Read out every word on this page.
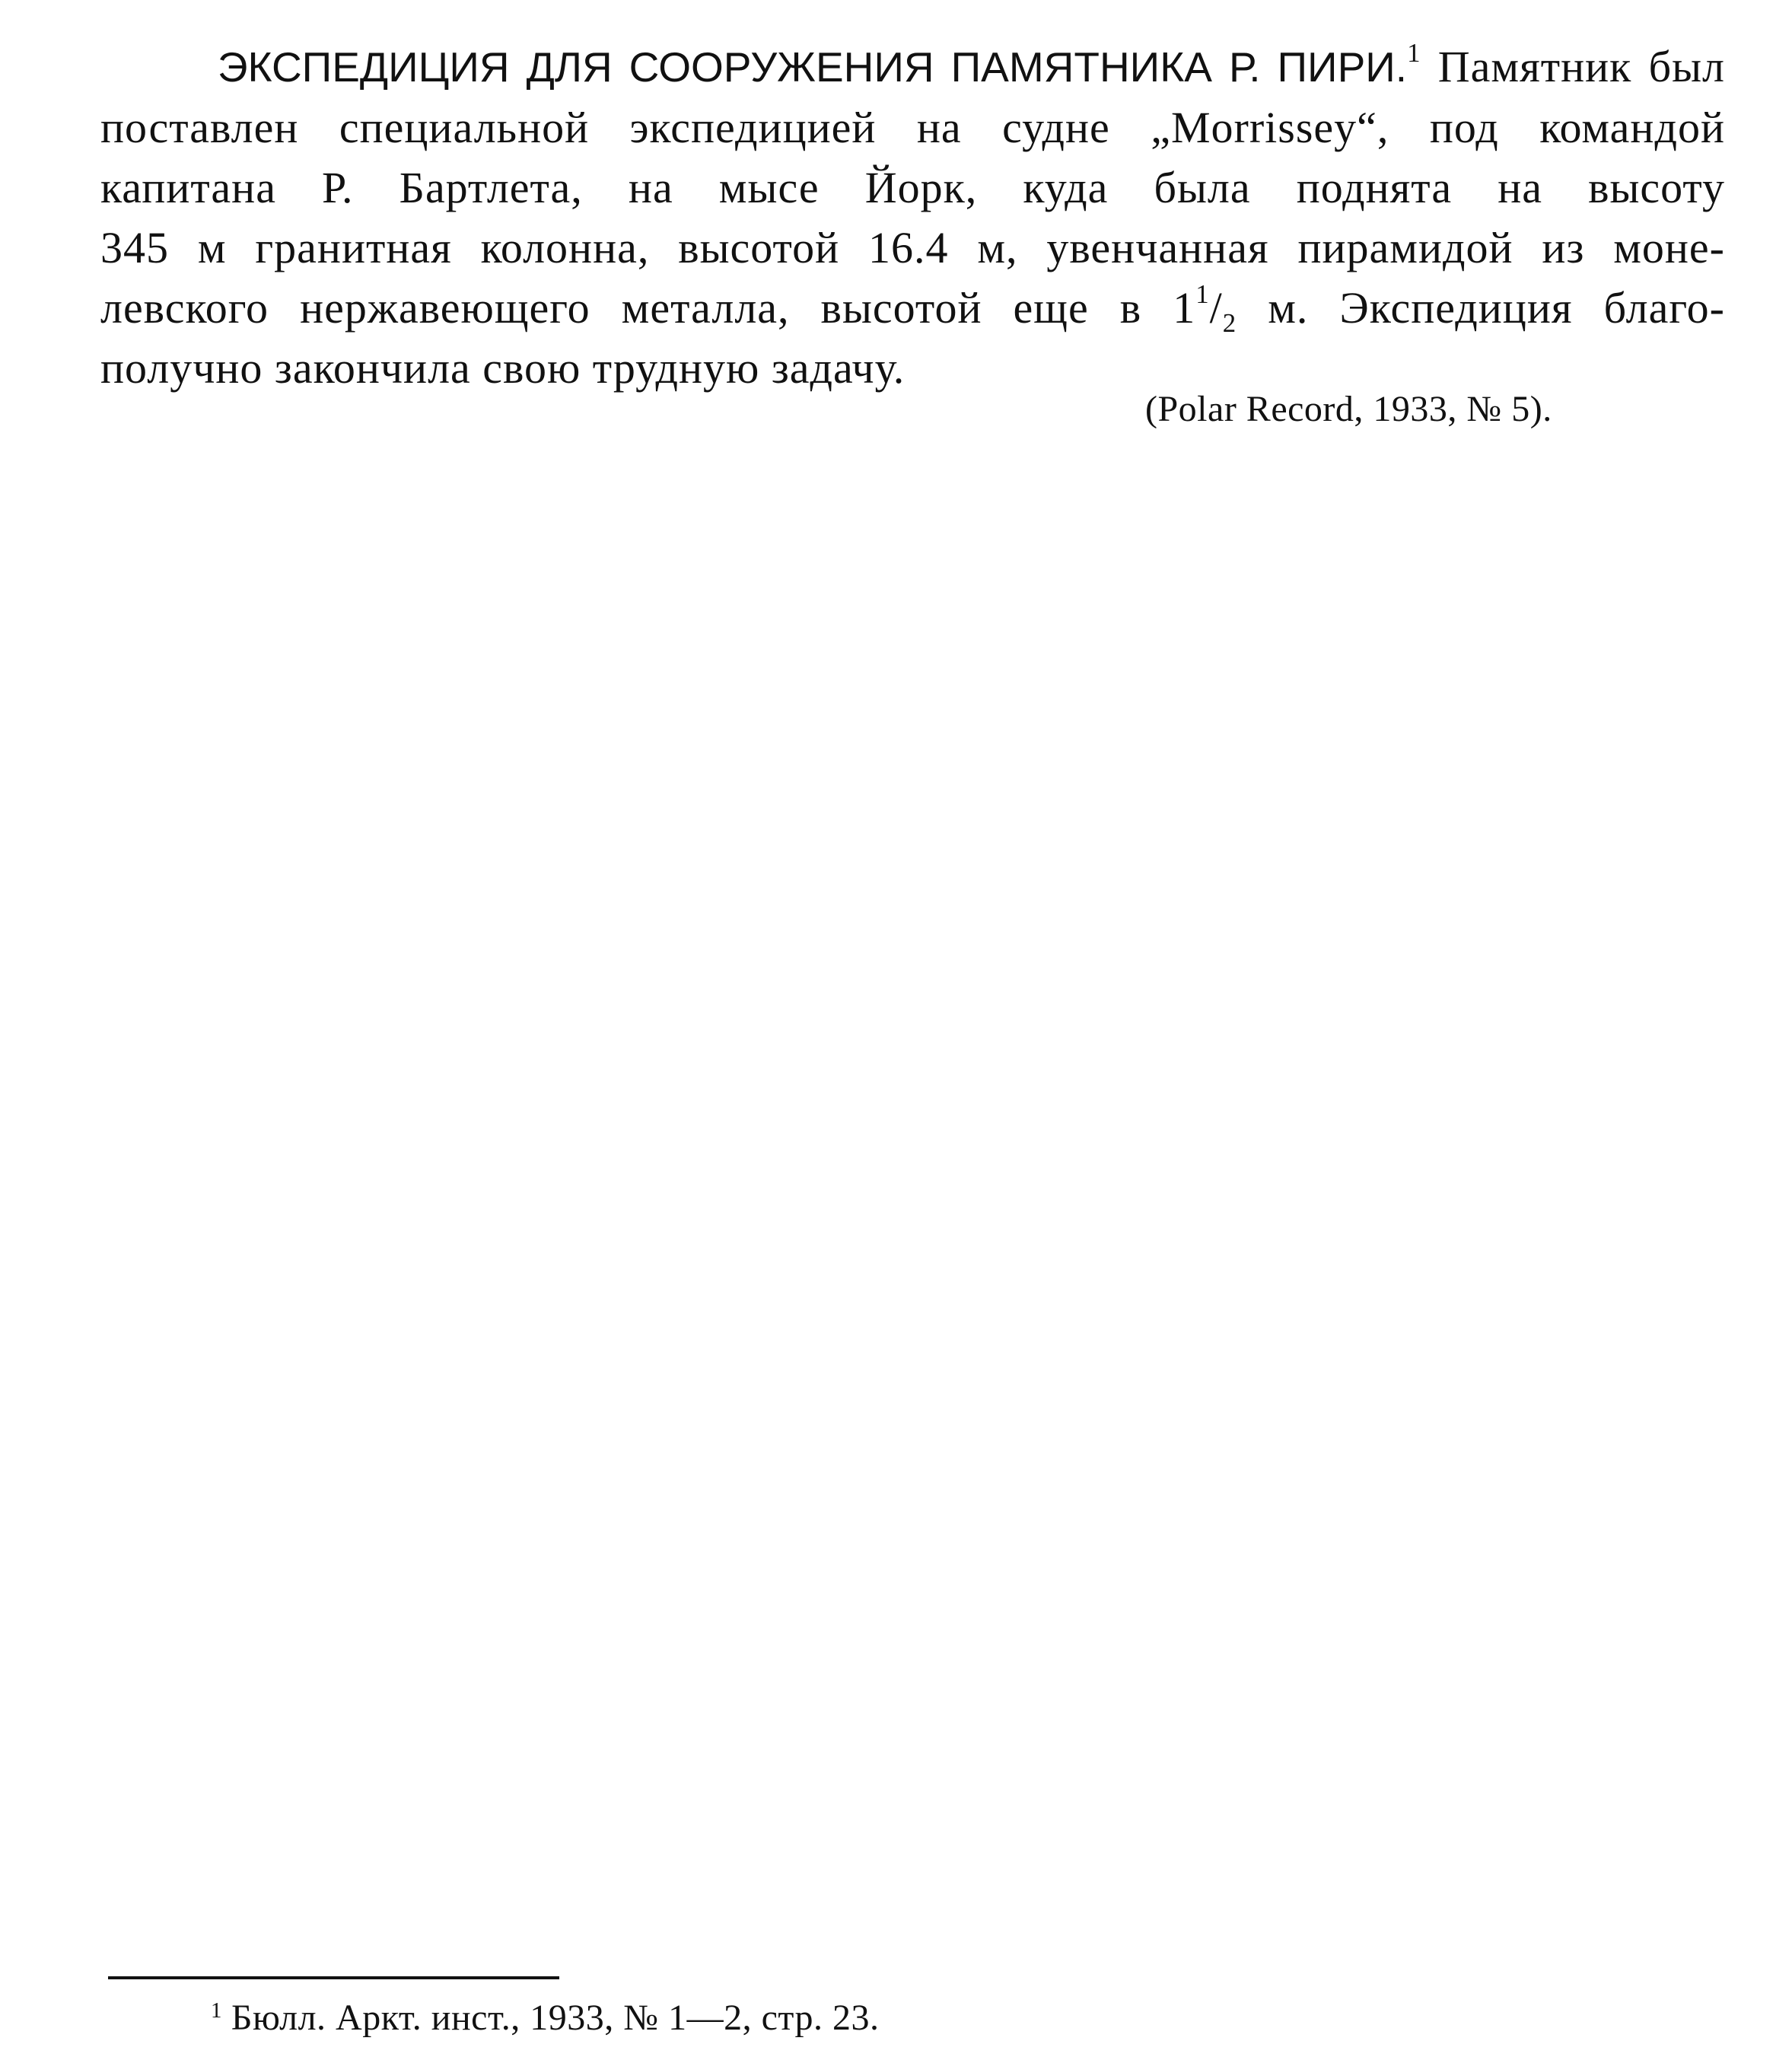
ЭКСПЕДИЦИЯ ДЛЯ СООРУЖЕНИЯ ПАМЯТНИКА Р. ПИРИ.$^1$ Памятник был
поставлен специальной экспедицией на судне „Morrissey“, под командой
капитана Р. Бартлета, на мысе Йорк, куда была поднята на высоту
345 м гранитная колонна, высотой 16.4 м, увенчанная пирамидой из моне-
левского нержавеющего металла, высотой еще в $1^1/_2$ м. Экспедиция благо-
получно закончила свою трудную задачу.
(Polar Record, 1933, № 5).
$^1$ Бюлл. Аркт. инст., 1933, № 1—2, стр. 23.
